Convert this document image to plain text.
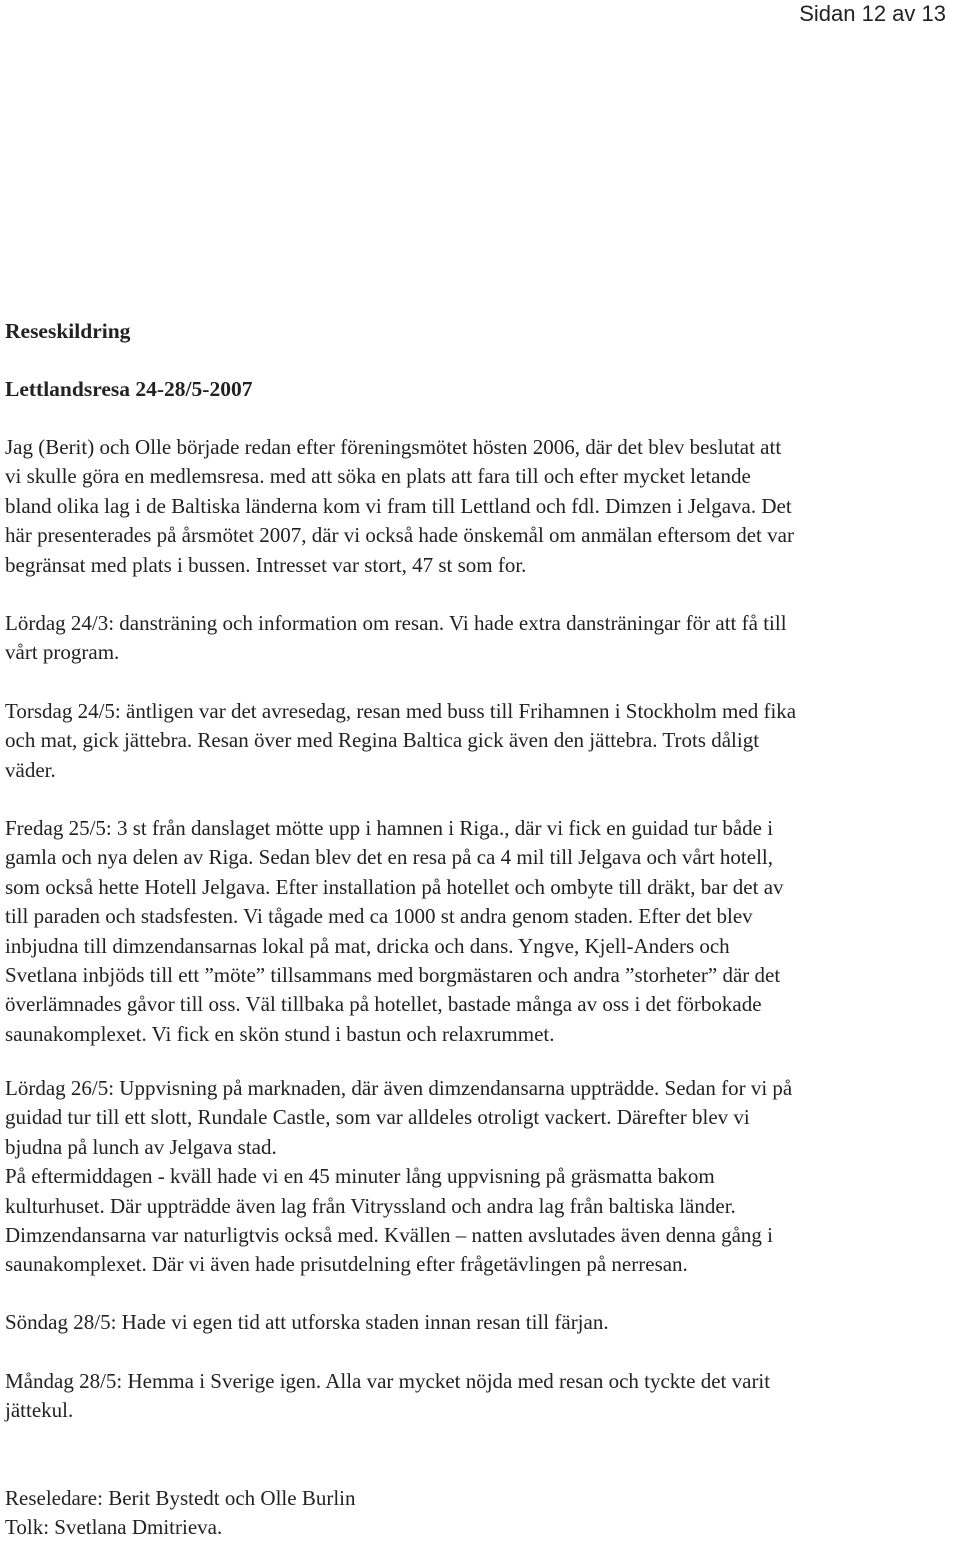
Sidan 12 av 13
Reseskildring
Lettlandsresa 24-28/5-2007
Jag (Berit) och Olle började redan efter föreningsmötet hösten 2006, där det blev beslutat att
vi skulle göra en medlemsresa. med att söka en plats att fara till och efter mycket letande
bland olika lag i de Baltiska länderna kom vi fram till Lettland och fdl. Dimzen i Jelgava. Det
här presenterades på årsmötet 2007, där vi också hade önskemål om anmälan eftersom det var
begränsat med plats i bussen. Intresset var stort, 47 st som for.
Lördag 24/3: dansträning och information om resan. Vi hade extra dansträningar för att få till
vårt program.
Torsdag 24/5: äntligen var det avresedag, resan med buss till Frihamnen i Stockholm med fika
och mat, gick jättebra. Resan över med Regina Baltica gick även den jättebra. Trots dåligt
väder.
Fredag 25/5: 3 st från danslaget mötte upp i hamnen i Riga., där vi fick en guidad tur både i
gamla och nya delen av Riga. Sedan blev det en resa på ca 4 mil till Jelgava och vårt hotell,
som också hette Hotell Jelgava. Efter installation på hotellet och ombyte till dräkt, bar det av
till paraden och stadsfesten. Vi tågade med ca 1000 st andra genom staden. Efter det blev
inbjudna till dimzendansarnas lokal på mat, dricka och dans. Yngve, Kjell-Anders och
Svetlana inbjöds till ett ”möte” tillsammans med borgmästaren och andra ”storheter” där det
överlämnades gåvor till oss. Väl tillbaka på hotellet, bastade många av oss i det förbokade
saunakomplexet. Vi fick en skön stund i bastun och relaxrummet.
Lördag 26/5: Uppvisning på marknaden, där även dimzendansarna uppträdde. Sedan for vi på
guidad tur till ett slott, Rundale Castle, som var alldeles otroligt vackert. Därefter blev vi
bjudna på lunch av Jelgava stad.
På eftermiddagen - kväll hade vi en 45 minuter lång uppvisning på gräsmatta bakom
kulturhuset. Där uppträdde även lag från Vitryssland och andra lag från baltiska länder.
Dimzendansarna var naturligtvis också med. Kvällen – natten avslutades även denna gång i
saunakomplexet. Där vi även hade prisutdelning efter frågetävlingen på nerresan.
Söndag 28/5: Hade vi egen tid att utforska staden innan resan till färjan.
Måndag 28/5: Hemma i Sverige igen. Alla var mycket nöjda med resan och tyckte det varit
jättekul.
Reseledare: Berit Bystedt och Olle Burlin
Tolk: Svetlana Dmitrieva.
